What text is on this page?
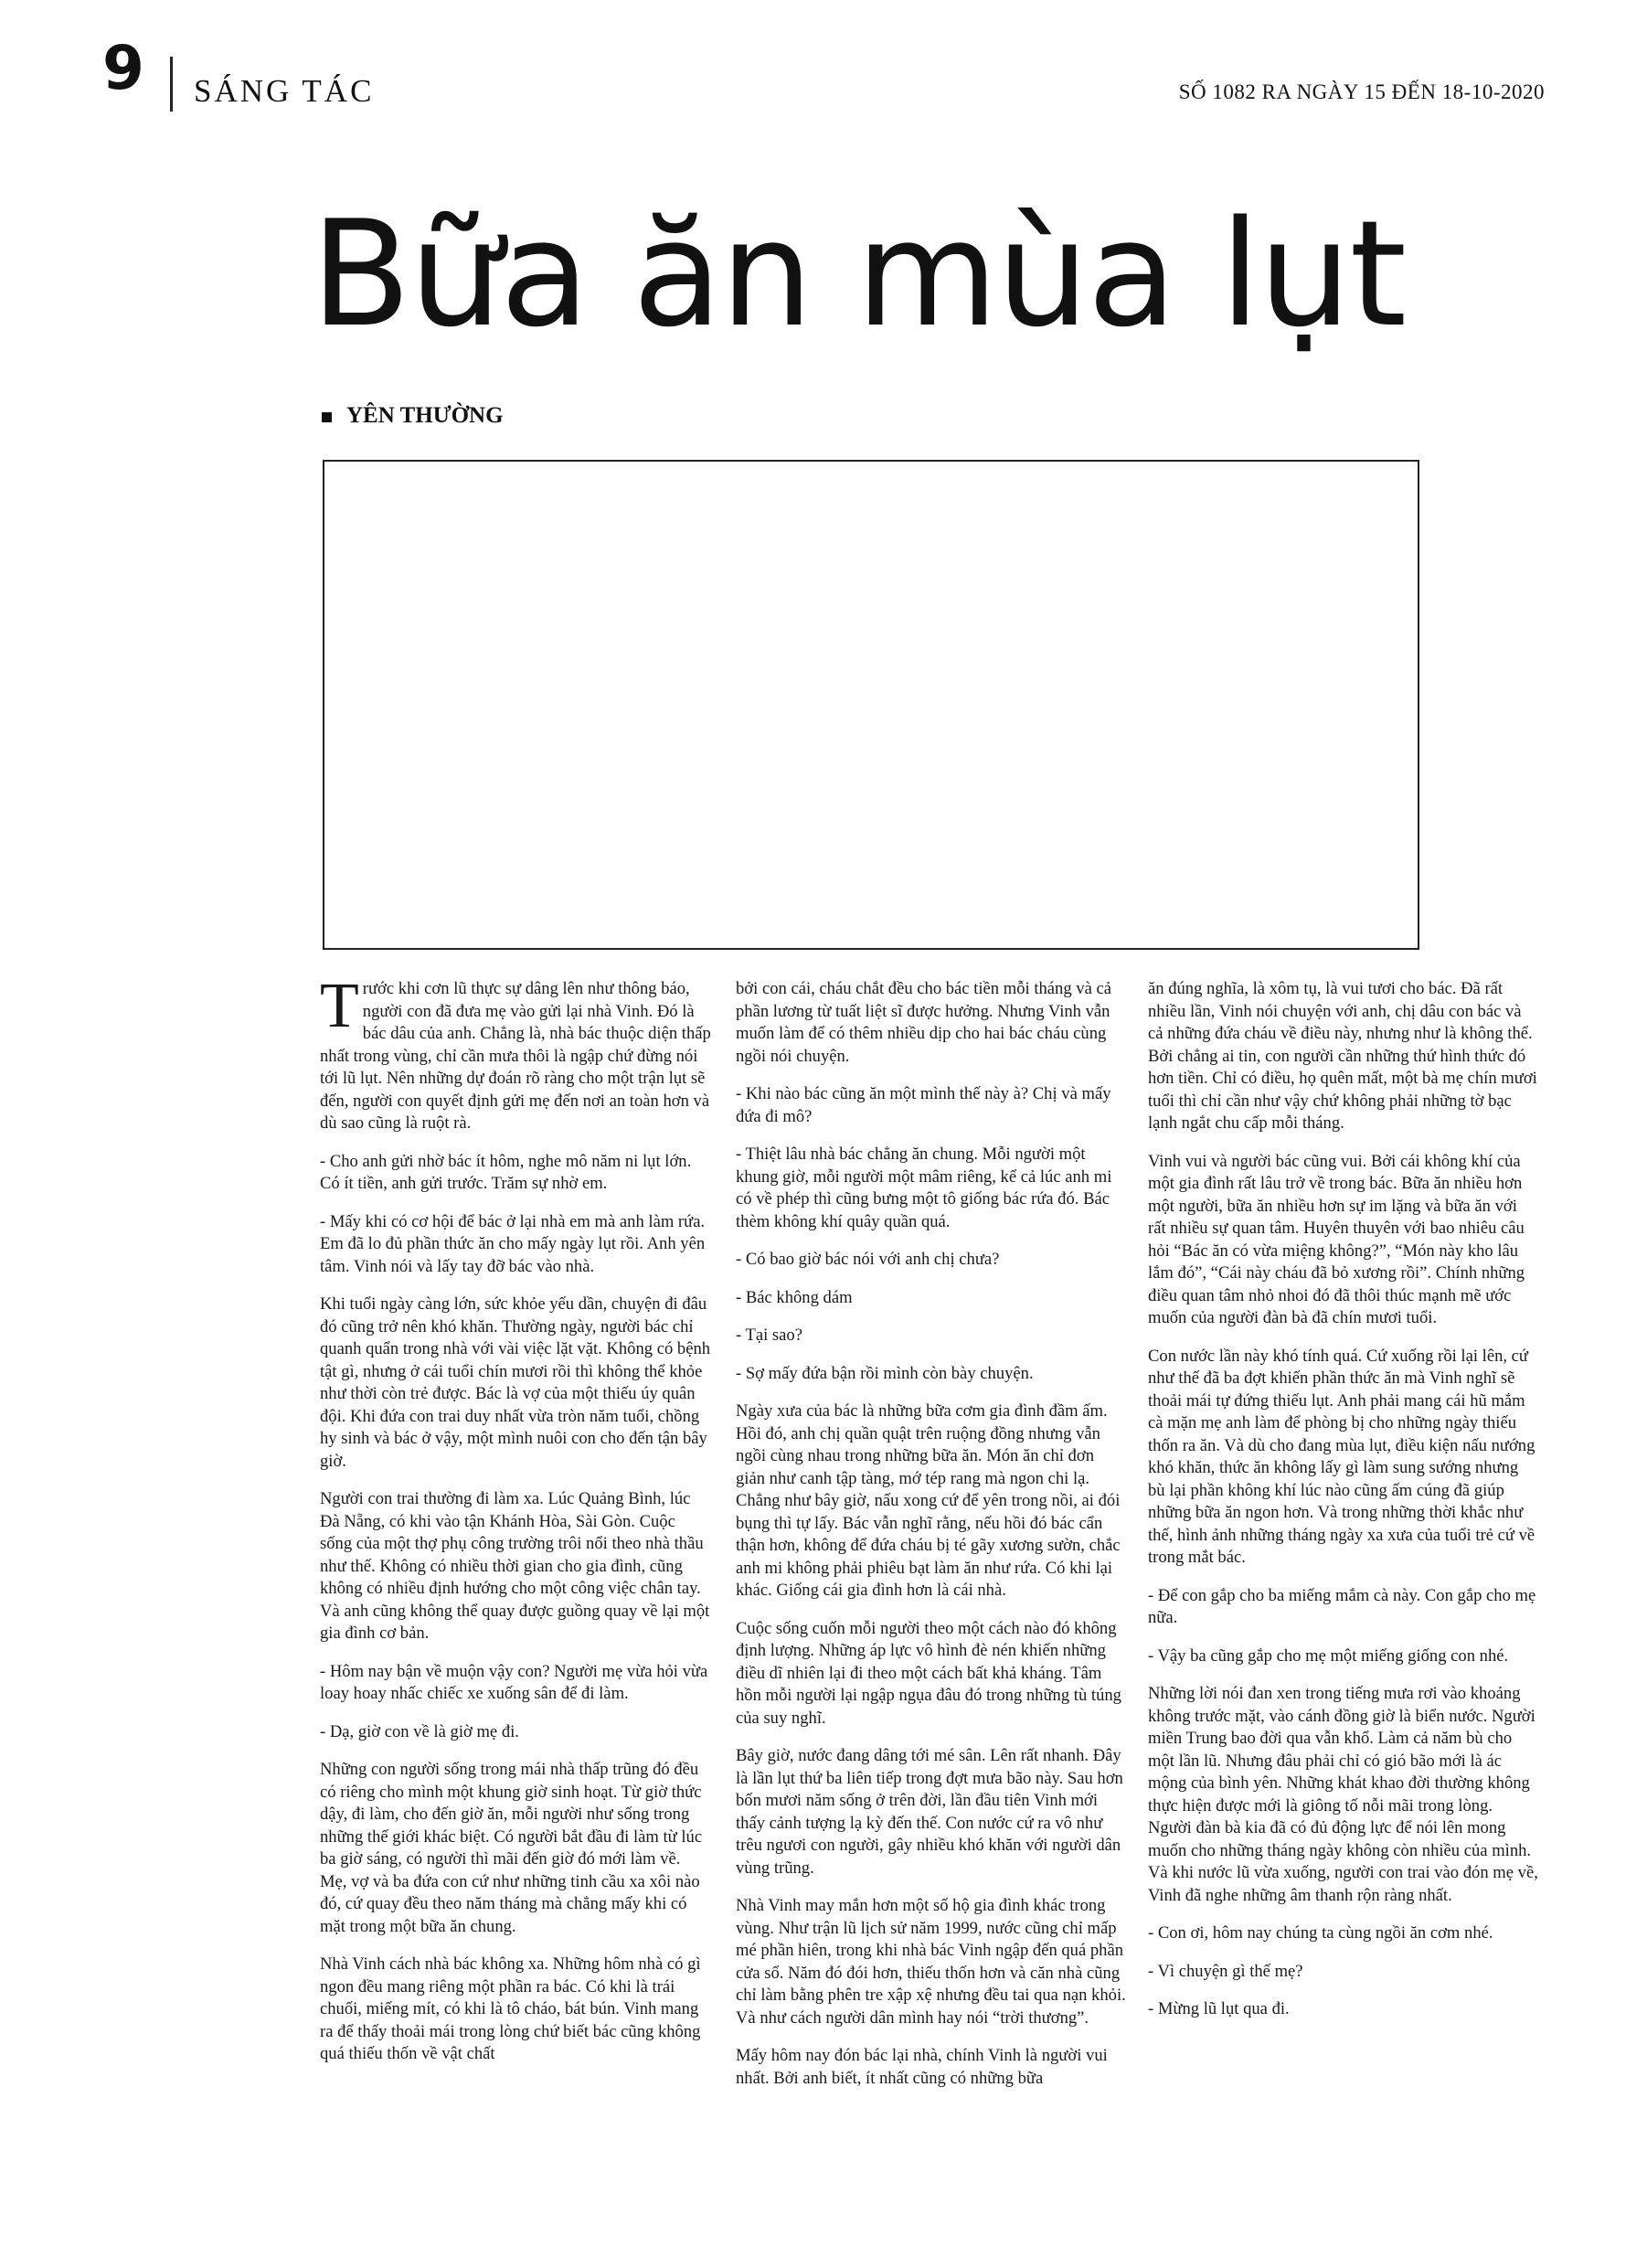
9 SÁNG TÁC	SỐ 1082 RA NGÀY 15 ĐẾN 18-10-2020
Bữa ăn mùa lụt
YÊN THƯỜNG

Trước khi cơn lũ thực sự dâng lên như thông báo, người con đã đưa mẹ vào gửi lại nhà Vinh. Đó là bác dâu của anh. Chẳng là, nhà bác thuộc diện thấp nhất trong vùng, chỉ cần mưa thôi là ngập chứ đừng nói tới lũ lụt. Nên những dự đoán rõ ràng cho một trận lụt sẽ đến, người con quyết định gửi mẹ đến nơi an toàn hơn và dù sao cũng là ruột rà.

- Cho anh gửi nhờ bác ít hôm, nghe mô năm ni lụt lớn. Có ít tiền, anh gửi trước. Trăm sự nhờ em.

- Mấy khi có cơ hội để bác ở lại nhà em mà anh làm rứa. Em đã lo đủ phần thức ăn cho mấy ngày lụt rồi. Anh yên tâm. Vinh nói và lấy tay đỡ bác vào nhà.

Khi tuổi ngày càng lớn, sức khỏe yếu dần, chuyện đi đâu đó cũng trở nên khó khăn. Thường ngày, người bác chỉ quanh quẩn trong nhà với vài việc lặt vặt. Không có bệnh tật gì, nhưng ở cái tuổi chín mươi rồi thì không thể khỏe như thời còn trẻ được. Bác là vợ của một thiếu úy quân đội. Khi đứa con trai duy nhất vừa tròn năm tuổi, chồng hy sinh và bác ở vậy, một mình nuôi con cho đến tận bây giờ.

Người con trai thường đi làm xa. Lúc Quảng Bình, lúc Đà Nẵng, có khi vào tận Khánh Hòa, Sài Gòn. Cuộc sống của một thợ phụ công trường trôi nổi theo nhà thầu như thế. Không có nhiều thời gian cho gia đình, cũng không có nhiều định hướng cho một công việc chân tay. Và anh cũng không thể quay được guồng quay về lại một gia đình cơ bản.

- Hôm nay bận về muộn vậy con? Người mẹ vừa hỏi vừa loay hoay nhấc chiếc xe xuống sân để đi làm.

- Dạ, giờ con về là giờ mẹ đi.

Những con người sống trong mái nhà thấp trũng đó đều có riêng cho mình một khung giờ sinh hoạt. Từ giờ thức dậy, đi làm, cho đến giờ ăn, mỗi người như sống trong những thế giới khác biệt. Có người bắt đầu đi làm từ lúc ba giờ sáng, có người thì mãi đến giờ đó mới làm về. Mẹ, vợ và ba đứa con cứ như những tinh cầu xa xôi nào đó, cứ quay đều theo năm tháng mà chẳng mấy khi có mặt trong một bữa ăn chung.

Nhà Vinh cách nhà bác không xa. Những hôm nhà có gì ngon đều mang riêng một phần ra bác. Có khi là trái chuối, miếng mít, có khi là tô cháo, bát bún. Vinh mang ra để thấy thoải mái trong lòng chứ biết bác cũng không quá thiếu thốn về vật chất

bởi con cái, cháu chắt đều cho bác tiền mỗi tháng và cả phần lương từ tuất liệt sĩ được hưởng. Nhưng Vinh vẫn muốn làm để có thêm nhiều dịp cho hai bác cháu cùng ngồi nói chuyện.

- Khi nào bác cũng ăn một mình thế này à? Chị và mấy đứa đi mô?

- Thiệt lâu nhà bác chẳng ăn chung. Mỗi người một khung giờ, mỗi người một mâm riêng, kể cả lúc anh mi có về phép thì cũng bưng một tô giống bác rứa đó. Bác thèm không khí quây quần quá.

- Có bao giờ bác nói với anh chị chưa?

- Bác không dám

- Tại sao?

- Sợ mấy đứa bận rồi mình còn bày chuyện.

Ngày xưa của bác là những bữa cơm gia đình đầm ấm. Hồi đó, anh chị quần quật trên ruộng đồng nhưng vẫn ngồi cùng nhau trong những bữa ăn. Món ăn chỉ đơn giản như canh tập tàng, mớ tép rang mà ngon chi lạ. Chẳng như bây giờ, nấu xong cứ để yên trong nồi, ai đói bụng thì tự lấy. Bác vẫn nghĩ rằng, nếu hồi đó bác cẩn thận hơn, không để đứa cháu bị té gãy xương sườn, chắc anh mi không phải phiêu bạt làm ăn như rứa. Có khi lại khác. Giống cái gia đình hơn là cái nhà.

Cuộc sống cuốn mỗi người theo một cách nào đó không định lượng. Những áp lực vô hình đè nén khiến những điều dĩ nhiên lại đi theo một cách bất khả kháng. Tâm hồn mỗi người lại ngập ngụa đâu đó trong những tù túng của suy nghĩ.

Bây giờ, nước đang dâng tới mé sân. Lên rất nhanh. Đây là lần lụt thứ ba liên tiếp trong đợt mưa bão này. Sau hơn bốn mươi năm sống ở trên đời, lần đầu tiên Vinh mới thấy cảnh tượng lạ kỳ đến thế. Con nước cứ ra vô như trêu ngươi con người, gây nhiều khó khăn với người dân vùng trũng.

Nhà Vinh may mắn hơn một số hộ gia đình khác trong vùng. Như trận lũ lịch sử năm 1999, nước cũng chỉ mấp mé phần hiên, trong khi nhà bác Vinh ngập đến quá phần cửa sổ. Năm đó đói hơn, thiếu thốn hơn và căn nhà cũng chỉ làm bằng phên tre xập xệ nhưng đều tai qua nạn khỏi. Và như cách người dân mình hay nói “trời thương”.

Mấy hôm nay đón bác lại nhà, chính Vinh là người vui nhất. Bởi anh biết, ít nhất cũng có những bữa

ăn đúng nghĩa, là xôm tụ, là vui tươi cho bác. Đã rất nhiều lần, Vinh nói chuyện với anh, chị dâu con bác và cả những đứa cháu về điều này, nhưng như là không thể. Bởi chẳng ai tin, con người cần những thứ hình thức đó hơn tiền. Chỉ có điều, họ quên mất, một bà mẹ chín mươi tuổi thì chỉ cần như vậy chứ không phải những tờ bạc lạnh ngắt chu cấp mỗi tháng.

Vinh vui và người bác cũng vui. Bởi cái không khí của một gia đình rất lâu trở về trong bác. Bữa ăn nhiều hơn một người, bữa ăn nhiều hơn sự im lặng và bữa ăn với rất nhiều sự quan tâm. Huyên thuyên với bao nhiêu câu hỏi “Bác ăn có vừa miệng không?”, “Món này kho lâu lắm đó”, “Cái này cháu đã bỏ xương rồi”. Chính những điều quan tâm nhỏ nhoi đó đã thôi thúc mạnh mẽ ước muốn của người đàn bà đã chín mươi tuổi.

Con nước lần này khó tính quá. Cứ xuống rồi lại lên, cứ như thế đã ba đợt khiến phần thức ăn mà Vinh nghĩ sẽ thoải mái tự đứng thiếu lụt. Anh phải mang cái hũ mắm cà mặn mẹ anh làm để phòng bị cho những ngày thiếu thốn ra ăn. Và dù cho đang mùa lụt, điều kiện nấu nướng khó khăn, thức ăn không lấy gì làm sung sướng nhưng bù lại phần không khí lúc nào cũng ấm cúng đã giúp những bữa ăn ngon hơn. Và trong những thời khắc như thế, hình ảnh những tháng ngày xa xưa của tuổi trẻ cứ về trong mắt bác.

- Để con gắp cho ba miếng mắm cà này. Con gắp cho mẹ nữa.

- Vậy ba cũng gắp cho mẹ một miếng giống con nhé.

Những lời nói đan xen trong tiếng mưa rơi vào khoảng không trước mặt, vào cánh đồng giờ là biển nước. Người miền Trung bao đời qua vẫn khổ. Làm cả năm bù cho một lần lũ. Nhưng đâu phải chỉ có gió bão mới là ác mộng của bình yên. Những khát khao đời thường không thực hiện được mới là giông tố nỗi mãi trong lòng. Người đàn bà kia đã có đủ động lực để nói lên mong muốn cho những tháng ngày không còn nhiều của mình. Và khi nước lũ vừa xuống, người con trai vào đón mẹ về, Vinh đã nghe những âm thanh rộn ràng nhất.

- Con ơi, hôm nay chúng ta cùng ngồi ăn cơm nhé.

- Vì chuyện gì thế mẹ?

- Mừng lũ lụt qua đi.
